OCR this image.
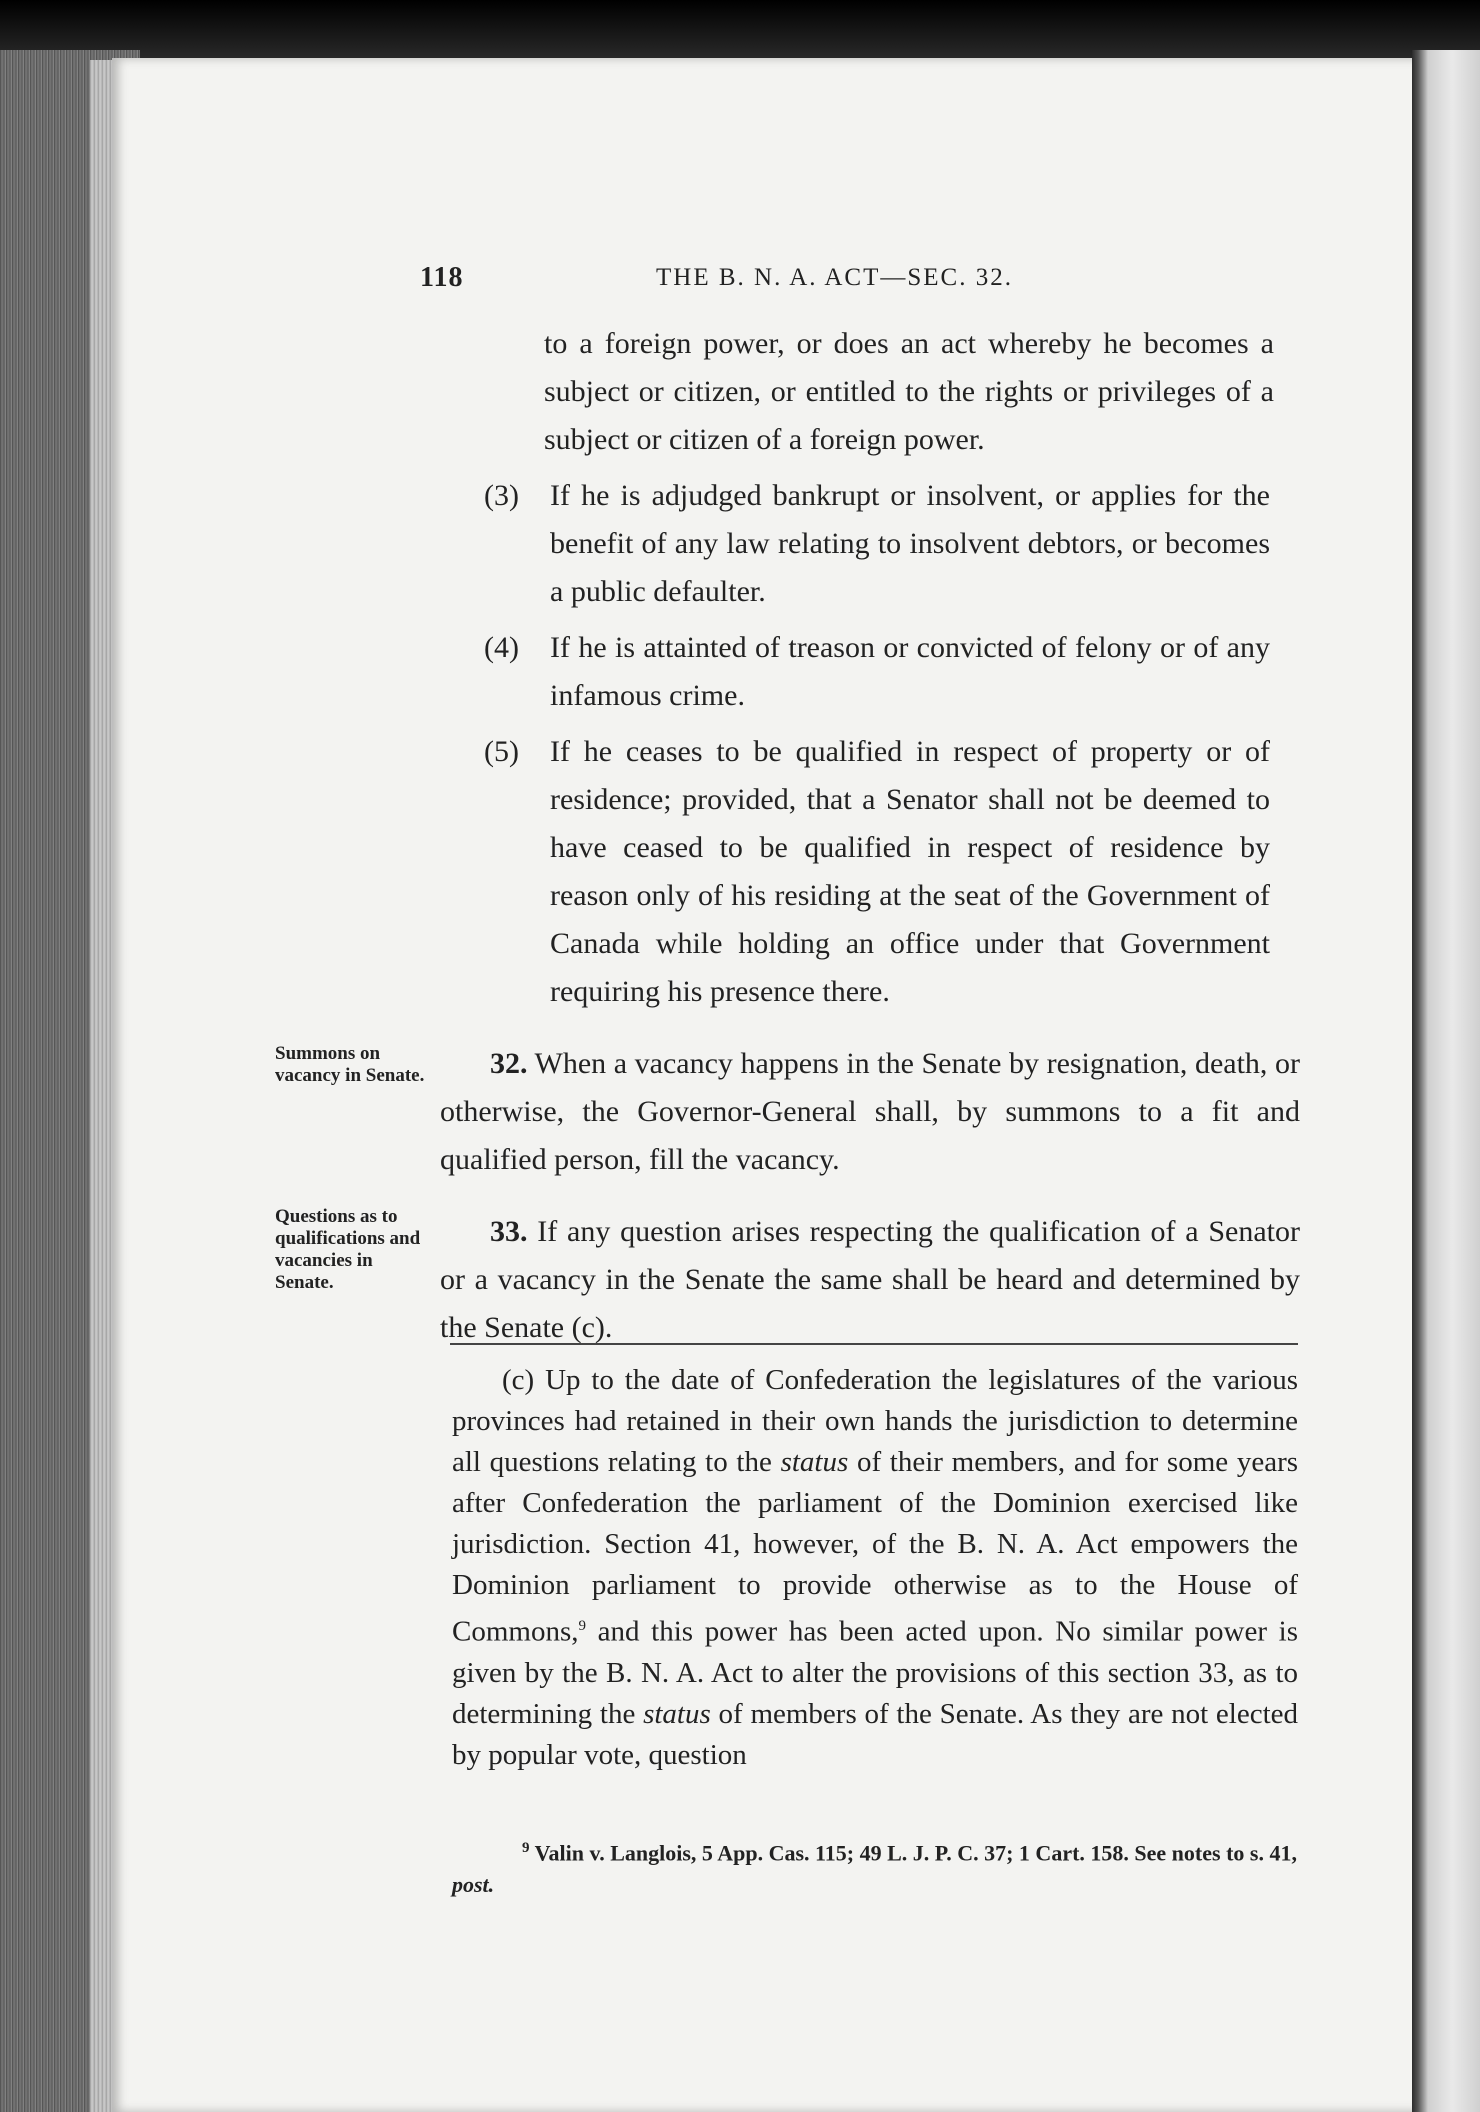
118	THE B. N. A. ACT—SEC. 32.
to a foreign power, or does an act whereby he becomes a subject or citizen, or entitled to the rights or privileges of a subject or citizen of a foreign power.
(3) If he is adjudged bankrupt or insolvent, or applies for the benefit of any law relating to insolvent debtors, or becomes a public defaulter.
(4) If he is attainted of treason or convicted of felony or of any infamous crime.
(5) If he ceases to be qualified in respect of property or of residence; provided, that a Senator shall not be deemed to have ceased to be qualified in respect of residence by reason only of his residing at the seat of the Government of Canada while holding an office under that Government requiring his presence there.
32. When a vacancy happens in the Senate by resignation, death, or otherwise, the Governor-General shall, by summons to a fit and qualified person, fill the vacancy.
33. If any question arises respecting the qualification of a Senator or a vacancy in the Senate the same shall be heard and determined by the Senate (c).
Summons on vacancy in Senate.
Questions as to qualifications and vacancies in Senate.
(c) Up to the date of Confederation the legislatures of the various provinces had retained in their own hands the jurisdiction to determine all questions relating to the status of their members, and for some years after Confederation the parliament of the Dominion exercised like jurisdiction. Section 41, however, of the B. N. A. Act empowers the Dominion parliament to provide otherwise as to the House of Commons,$^9$ and this power has been acted upon. No similar power is given by the B. N. A. Act to alter the provisions of this section 33, as to determining the status of members of the Senate. As they are not elected by popular vote, question
$^9$ Valin v. Langlois, 5 App. Cas. 115; 49 L. J. P. C. 37; 1 Cart. 158. See notes to s. 41, post.
